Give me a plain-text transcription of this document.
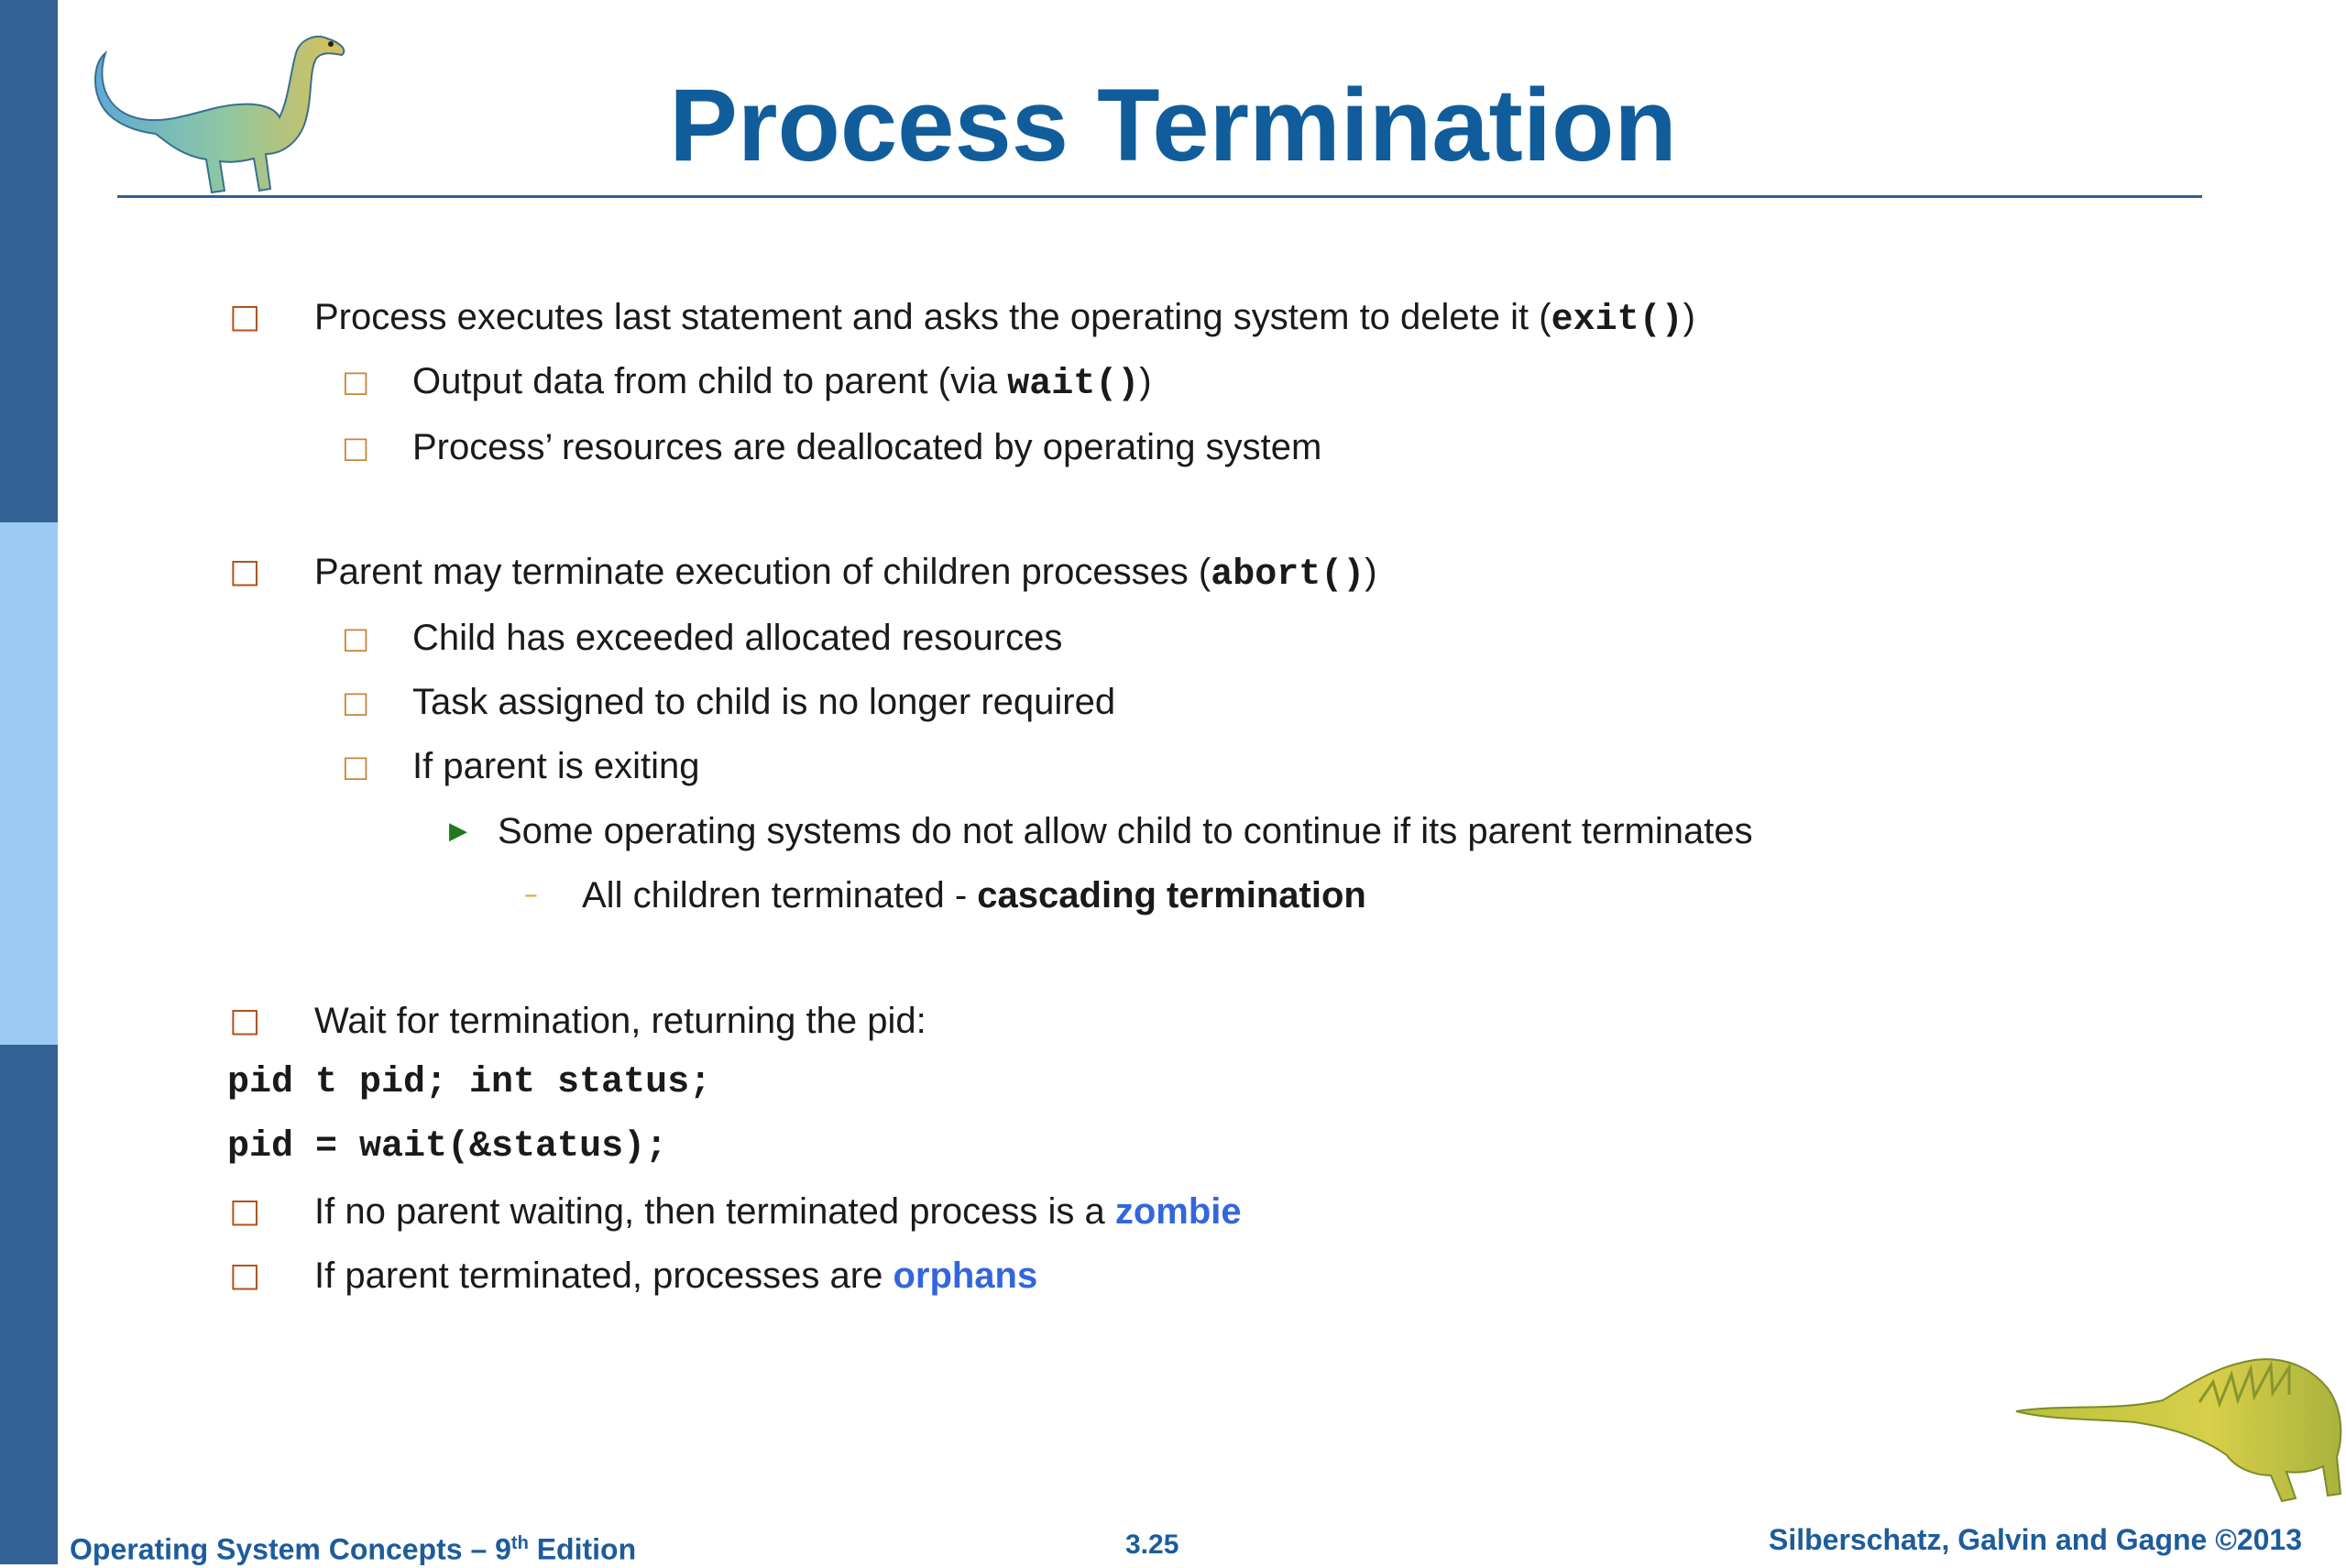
Process Termination
□ Process executes last statement and asks the operating system to delete it (exit())
□ Output data from child to parent (via wait())
□ Process’ resources are deallocated by operating system
□ Parent may terminate execution of children processes (abort())
□ Child has exceeded allocated resources
□ Task assigned to child is no longer required
□ If parent is exiting
▶ Some operating systems do not allow child to continue if its parent terminates
– All children terminated - cascading termination
□ Wait for termination, returning the pid:
pid t pid; int status;
pid = wait(&status);
□ If no parent waiting, then terminated process is a zombie
□ If parent terminated, processes are orphans
Operating System Concepts – 9th Edition	3.25	Silberschatz, Galvin and Gagne ©2013
